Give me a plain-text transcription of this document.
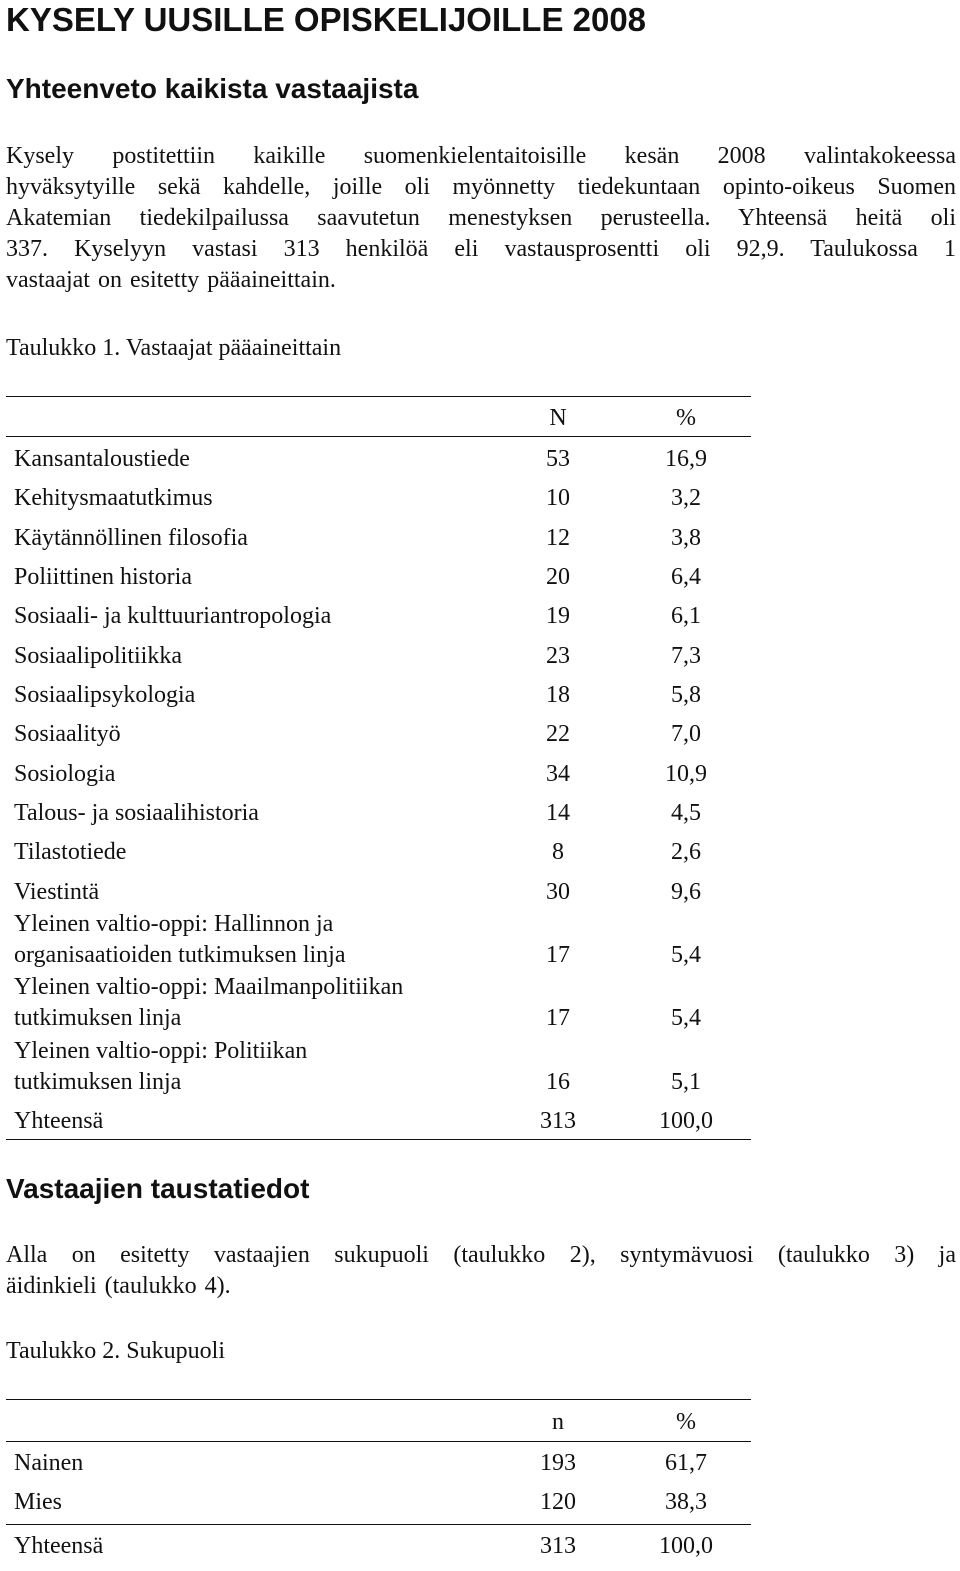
KYSELY UUSILLE OPISKELIJOILLE 2008
Yhteenveto kaikista vastaajista
Kysely postitettiin kaikille suomenkielentaitoisille kesän 2008 valintakokeessa
hyväksytyille sekä kahdelle, joille oli myönnetty tiedekuntaan opinto-oikeus Suomen
Akatemian tiedekilpailussa saavutetun menestyksen perusteella. Yhteensä heitä oli
337. Kyselyyn vastasi 313 henkilöä eli vastausprosentti oli 92,9. Taulukossa 1
vastaajat on esitetty pääaineittain.
Taulukko 1. Vastaajat pääaineittain
N	%
Kansantaloustiede	53	16,9
Kehitysmaatutkimus	10	3,2
Käytännöllinen filosofia	12	3,8
Poliittinen historia	20	6,4
Sosiaali- ja kulttuuriantropologia	19	6,1
Sosiaalipolitiikka	23	7,3
Sosiaalipsykologia	18	5,8
Sosiaalityö	22	7,0
Sosiologia	34	10,9
Talous- ja sosiaalihistoria	14	4,5
Tilastotiede	8	2,6
Viestintä	30	9,6
Yleinen valtio-oppi: Hallinnon ja
organisaatioiden tutkimuksen linja	17	5,4
Yleinen valtio-oppi: Maailmanpolitiikan
tutkimuksen linja	17	5,4
Yleinen valtio-oppi: Politiikan
tutkimuksen linja	16	5,1
Yhteensä	313	100,0
Vastaajien taustatiedot
Alla on esitetty vastaajien sukupuoli (taulukko 2), syntymävuosi (taulukko 3) ja
äidinkieli (taulukko 4).
Taulukko 2. Sukupuoli
n	%
Nainen	193	61,7
Mies	120	38,3
Yhteensä	313	100,0
